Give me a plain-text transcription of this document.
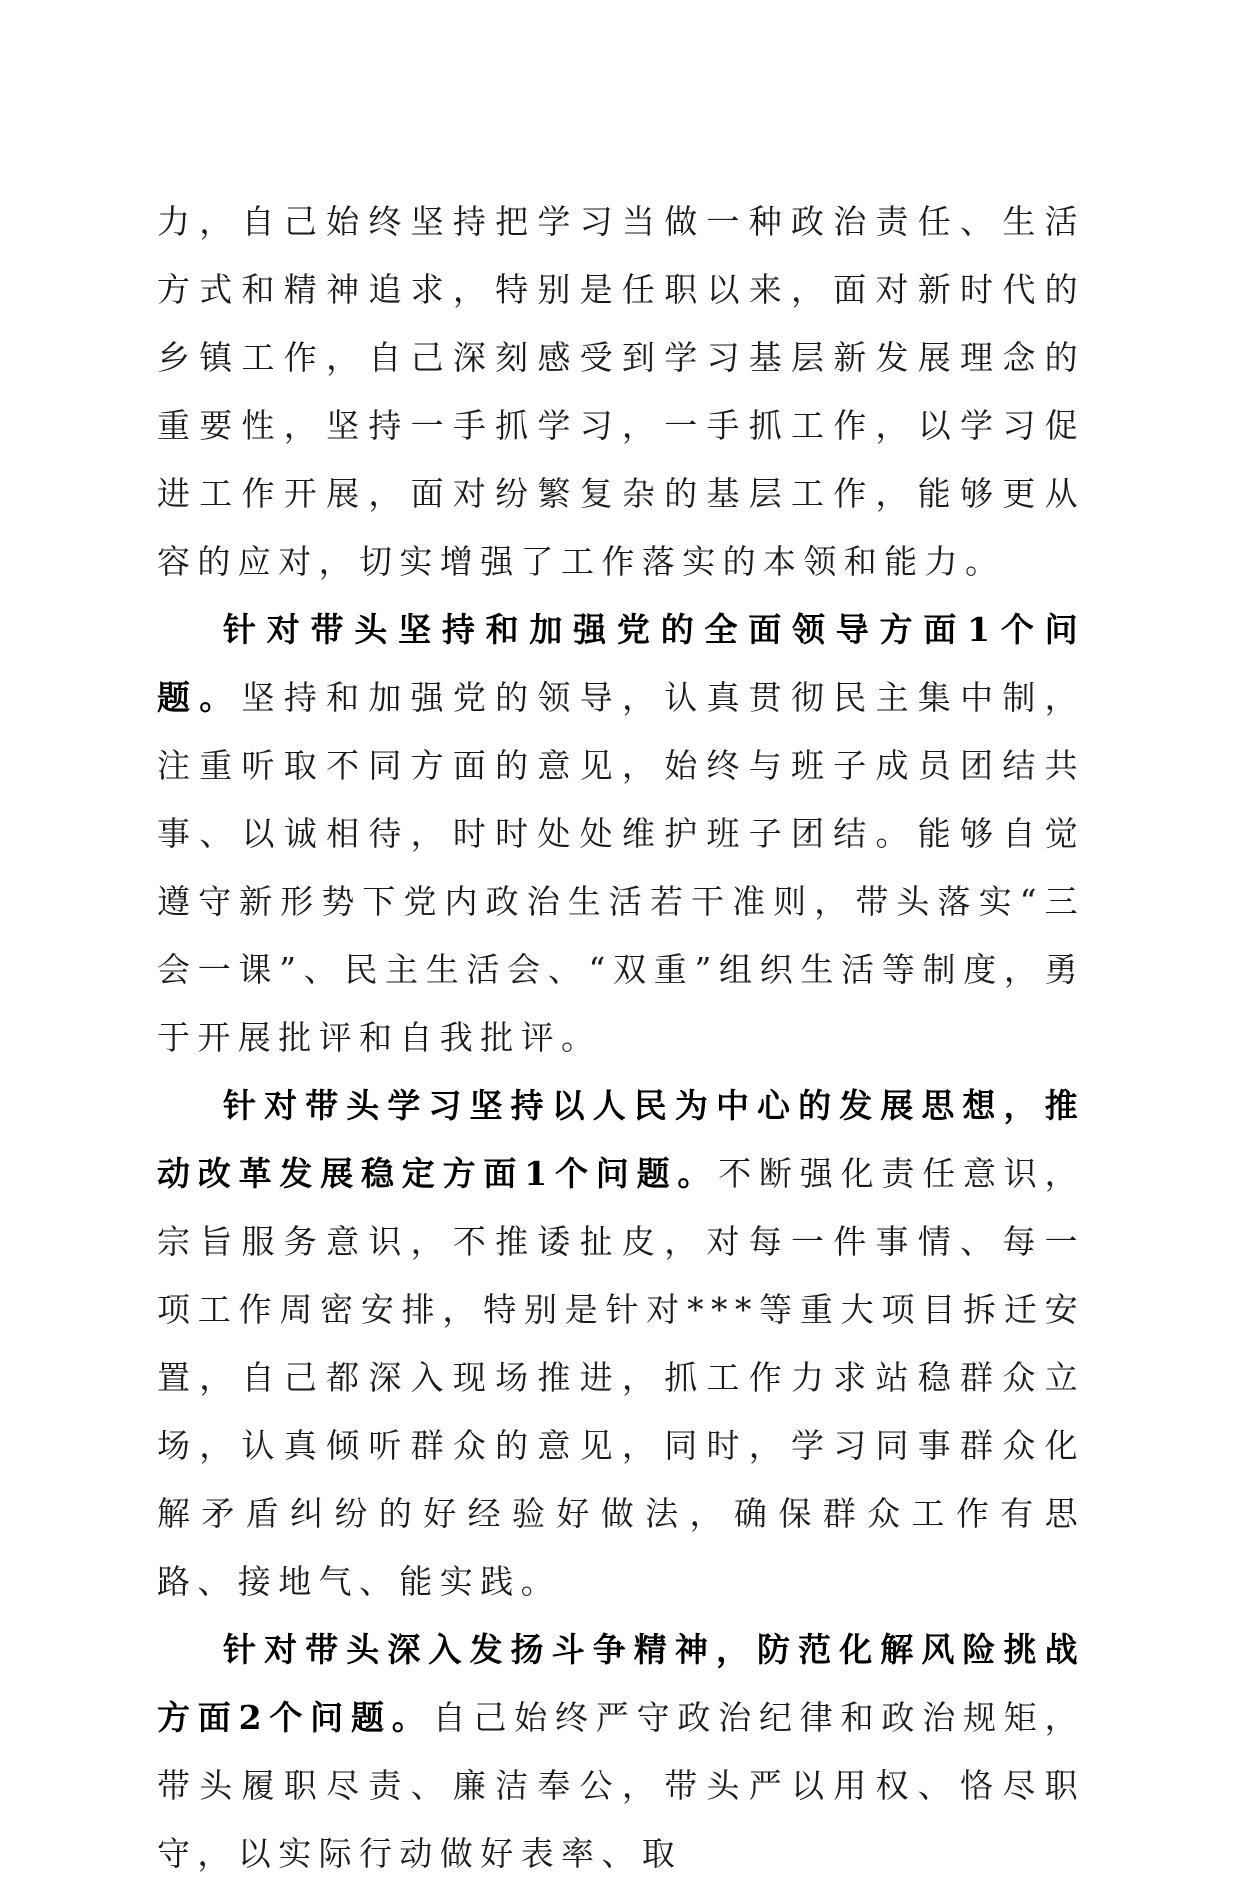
力，自己始终坚持把学习当做一种政治责任、生活方式和精神追求，特别是任职以来，面对新时代的乡镇工作，自己深刻感受到学习基层新发展理念的重要性，坚持一手抓学习，一手抓工作，以学习促进工作开展，面对纷繁复杂的基层工作，能够更从容的应对，切实增强了工作落实的本领和能力。

针对带头坚持和加强党的全面领导方面1个问题。坚持和加强党的领导，认真贯彻民主集中制，注重听取不同方面的意见，始终与班子成员团结共事、以诚相待，时时处处维护班子团结。能够自觉遵守新形势下党内政治生活若干准则，带头落实“三会一课”、民主生活会、“双重”组织生活等制度，勇于开展批评和自我批评。

针对带头学习坚持以人民为中心的发展思想，推动改革发展稳定方面1个问题。不断强化责任意识，宗旨服务意识，不推诿扯皮，对每一件事情、每一项工作周密安排，特别是针对***等重大项目拆迁安置，自己都深入现场推进，抓工作力求站稳群众立场，认真倾听群众的意见，同时，学习同事群众化解矛盾纠纷的好经验好做法，确保群众工作有思路、接地气、能实践。

针对带头深入发扬斗争精神，防范化解风险挑战方面2个问题。自己始终严守政治纪律和政治规矩，带头履职尽责、廉洁奉公，带头严以用权、恪尽职守，以实际行动做好表率、取
